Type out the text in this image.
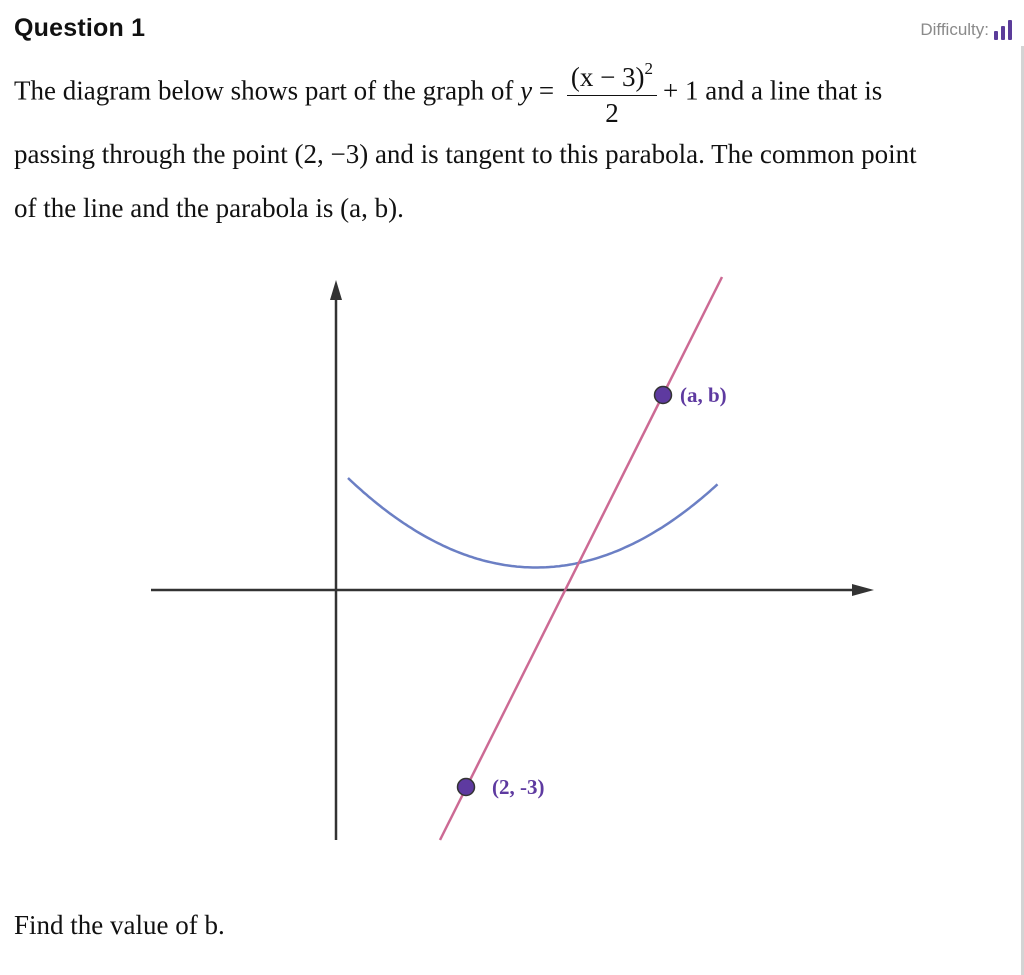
Question 1	Difficulty:
The diagram below shows part of the graph of $y = \frac{(x - 3)^2}{2} + 1$ and a line that is
passing through the point (2, −3) and is tangent to this parabola. The common point
of the line and the parabola is (a, b).
(a, b)
(2, -3)
Find the value of b.
